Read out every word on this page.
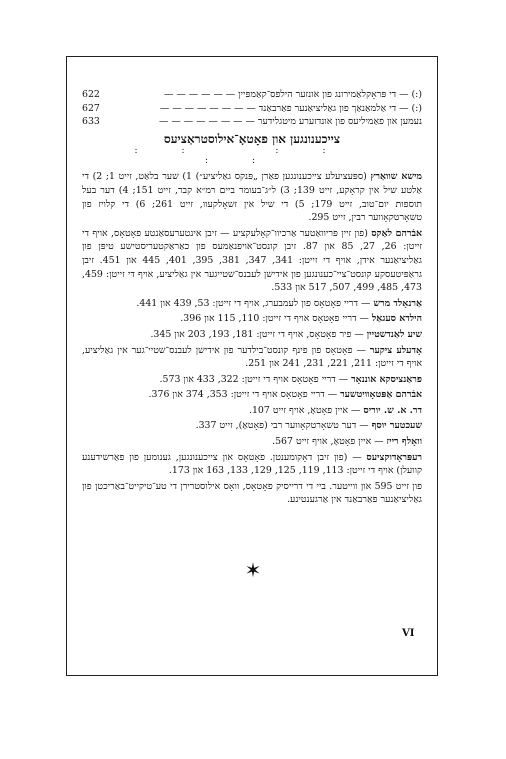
(:) — די פּראָקלאַמירונג פון אונזער הילפס־קאַמפּיין — — — — — —
622
(:) — די אַלמאַנאַך פון גאַליציאַנער פאַרבאַנד — — — — — — — —
627
נעמען און פאַמיליעס פון אונדזערע מיטגלידער — — — — — — — —
633
צייכענונגען און פאָטאָ־אילוסטראַציעס
:: :: ::

מישא שוואַרץ (ספּעציעלע צייכענונגען פאַרן „פּנקס גאַליציע״) 1) שער בלאַט, זייט 1; 2) די אַלטע שיל אין קראָקע, זייט 139; 3) ל״ג־בעומר ביים רמ״א קבר, זייט 151; 4) דער בעל תוספות יום־טוב, זייט 179; 5) די שיל אין זשאָלקעוו, זייט 261; 6) די קלויז פון טשאָרטקאָווער רבין, זייט 295.

אבֿרהם לאַקס (פון זיין פּריוואַטער אַרכיוו־קאָלעקציע — זיבן אינטערעסאַנטע פאָטאָס, אויף די זייטן: 26, 27, 85 און 87. זיבן קונסט־אויפנאַמעס פון כאַראַקטעריסטישע טיפּן פון גאַליציאַנער אידן, אויף די זייטן: 341, 347, 381, 395, 401, 445 און 451. זיבן גראַפּיטעסקע קונסט־ציי־כענונגען פון אידישן לעבנס־שטייגער אין גאַליציע, אויף די זייטן: 459, 473, 485, 499, 507, 517 און 533.

אַרנאָלד מרש — דריי פאָטאָס פון לעמבערג, אויף די זייטן: 53, 439 און 441.

הילדא סעגאַל — דריי פאָטאָס אויף די זייטן: 110, 115 און 396.

שיע לאַנדשטיין — פיר פאָטאָס, אויף די זייטן: 181, 193, 203 און 345.

אָדעלע ציקער — פאָטאָס פון פינף קונסט־בילדער פון אידישן לעבנס־שטיי־גער אין גאַליציע, אויף די זייטן: 211, 221, 231, 241 און 251.

פראַנציסקא אוננאָר — דריי פאָטאָס אויף די זייטן: 322, 433 און 573.

אבֿרהם אַפּטאָוויטשער — דריי פאָטאָס אויף די זייטן: 353, 374 און 376.

דר. א. ש. יוריס — איין פאָטאָ, אויף זייט 107.

שעכטער יוסף — דער טשאָרטקאָווער רבי (פאָטאָ), זייט 337.

וואָלף רייז — איין פאָטאָ, אויף זייט 567.

רעפּראָדוקציעס — (פון זיבן דאָקומענטן. פאָטאָס און צייכענונגען, גענומען פון פאַרשידענע קוועלן) אויף די זייטן: 113, 119, 125, 129, 133, 163 און 173.

פון זייט 595 און ווייטער. ביי די דרייסיק פאָטאָס, וואָס אילוסטרירן די טע־טיקייט־באַריכטן פון גאַליציאַנער פאַרבאַנד אין אַרגענטינע.

✶
VI
